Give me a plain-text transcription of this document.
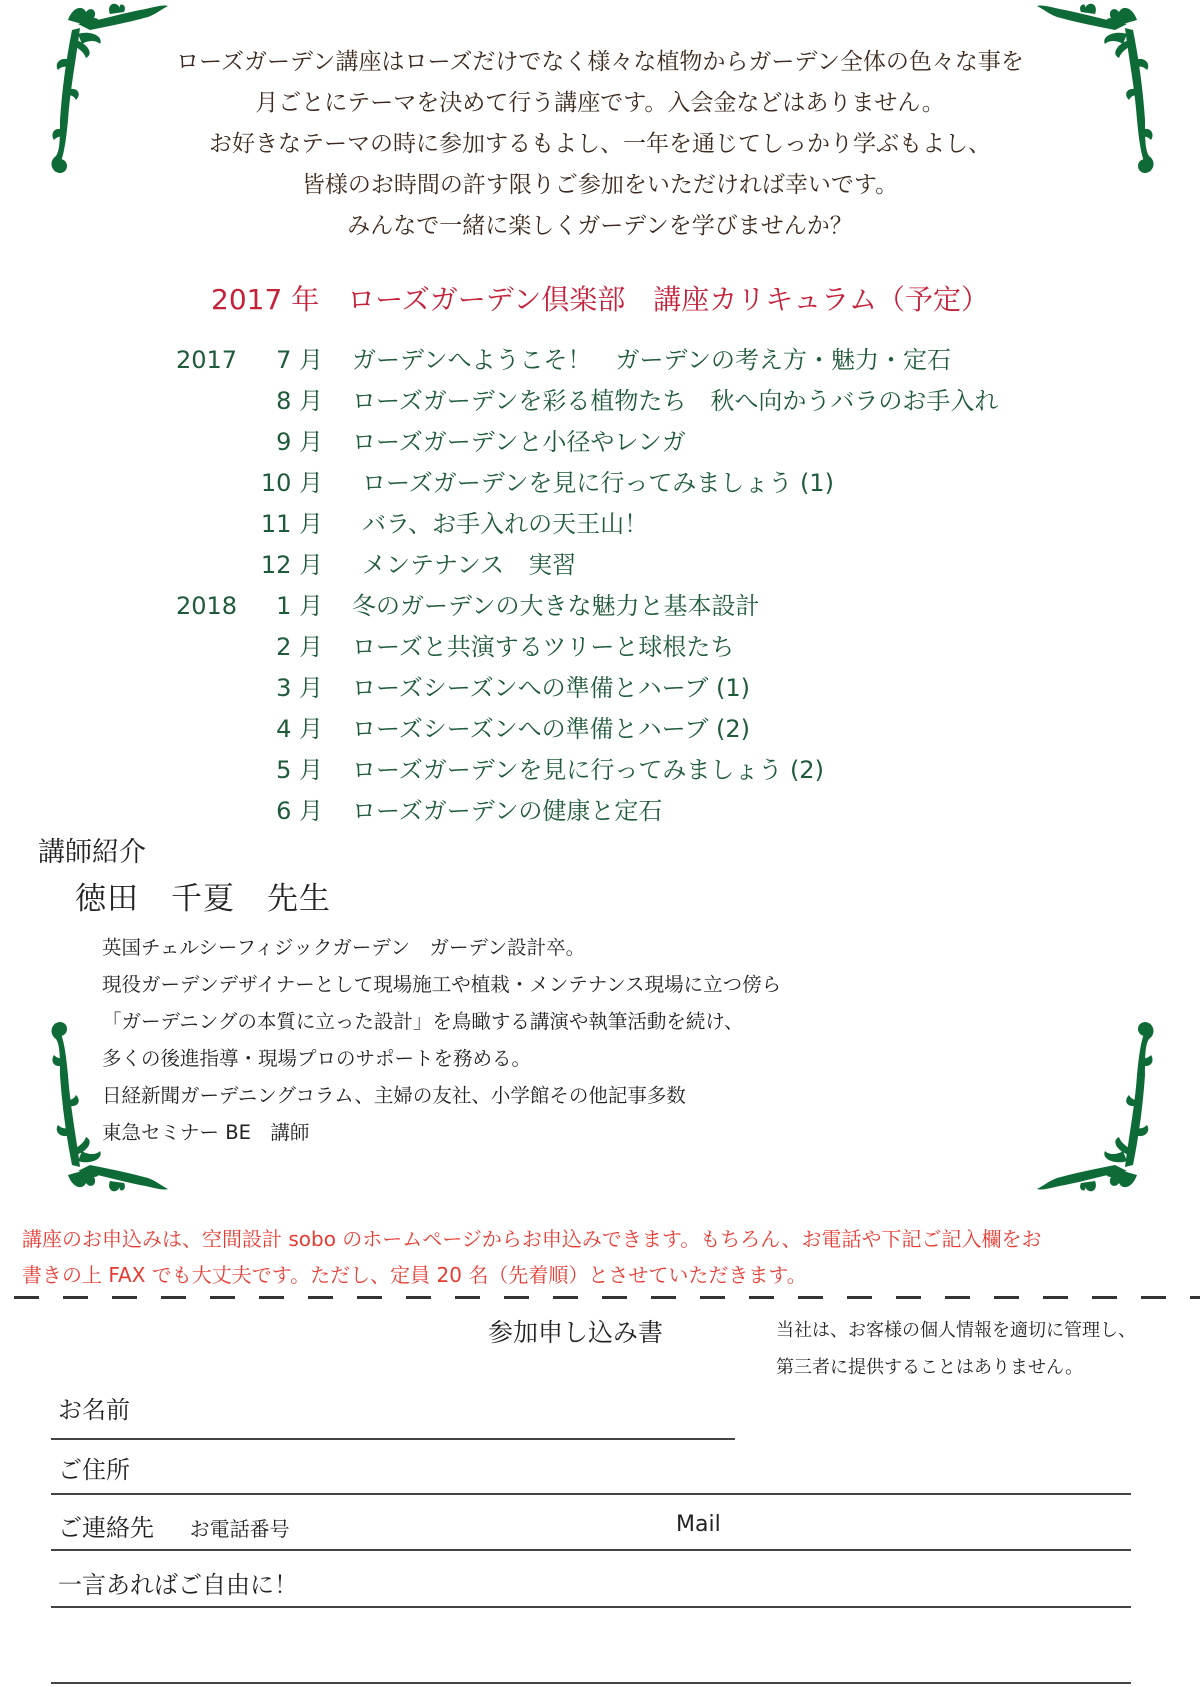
ローズガーデン講座はローズだけでなく様々な植物からガーデン全体の色々な事を
月ごとにテーマを決めて行う講座です。入会金などはありません。
お好きなテーマの時に参加するもよし、一年を通じてしっかり学ぶもよし、
皆様のお時間の許す限りご参加をいただければ幸いです。
みんなで一緒に楽しくガーデンを学びませんか？
2017 年　ローズガーデン倶楽部　講座カリキュラム（予定）
2017 7 月 ガーデンへようこそ！　ガーデンの考え方・魅力・定石
8 月 ローズガーデンを彩る植物たち　秋へ向かうバラのお手入れ
9 月 ローズガーデンと小径やレンガ
10 月 ローズガーデンを見に行ってみましょう (1)
11 月 バラ、お手入れの天王山！
12 月 メンテナンス　実習
2018 1 月 冬のガーデンの大きな魅力と基本設計
2 月 ローズと共演するツリーと球根たち
3 月 ローズシーズンへの準備とハーブ (1)
4 月 ローズシーズンへの準備とハーブ (2)
5 月 ローズガーデンを見に行ってみましょう (2)
6 月 ローズガーデンの健康と定石
講師紹介
徳田　千夏　先生
英国チェルシーフィジックガーデン　ガーデン設計卒。
現役ガーデンデザイナーとして現場施工や植栽・メンテナンス現場に立つ傍ら
「ガーデニングの本質に立った設計」を鳥瞰する講演や執筆活動を続け、
多くの後進指導・現場プロのサポートを務める。
日経新聞ガーデニングコラム、主婦の友社、小学館その他記事多数
東急セミナー BE　講師
講座のお申込みは、空間設計 sobo のホームページからお申込みできます。もちろん、お電話や下記ご記入欄をお
書きの上 FAX でも大丈夫です。ただし、定員 20 名（先着順）とさせていただきます。
参加申し込み書	当社は、お客様の個人情報を適切に管理し、
第三者に提供することはありません。
お名前
ご住所
ご連絡先 お電話番号	Mail
一言あればご自由に！
